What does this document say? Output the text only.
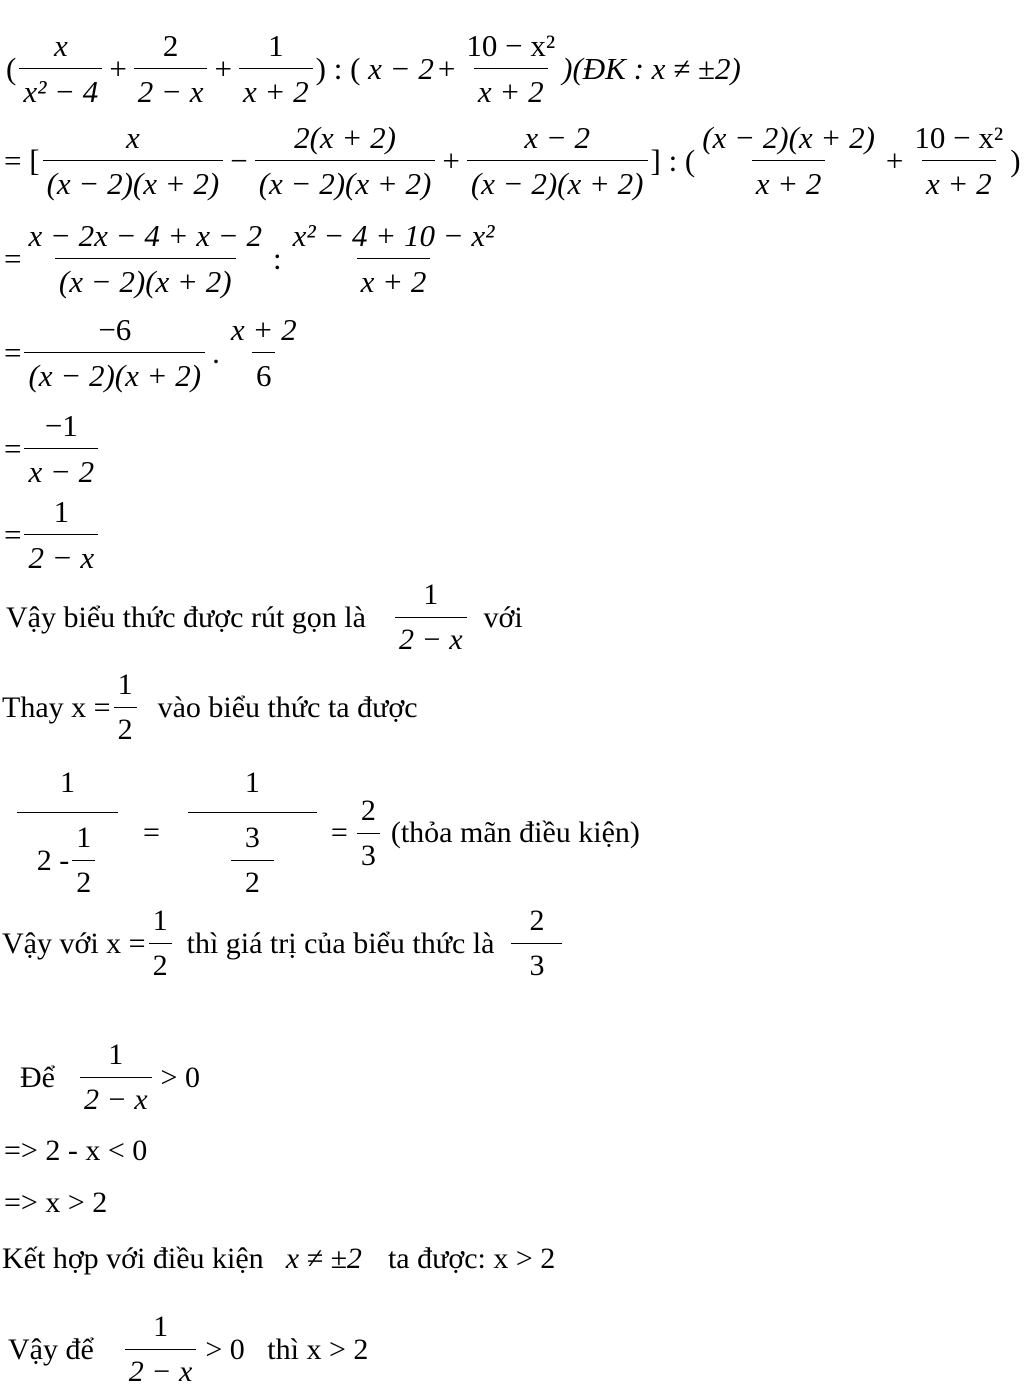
( $\frac{x}{\text{x² − 4}} + \frac{2}{2 - x} + \frac{1}{x + 2}$ ) : (
$x - 2 + \frac{\text{10 − x²}}{x + 2}$ )(ĐK : x ≠ ±2)
= [ $\frac{x}{(x - 2)(x + 2)} - \frac{2(x + 2)}{(x - 2)(x + 2)} + \frac{x - 2}{(x - 2)(x + 2)}$ ] : ( $\frac{(x - 2)(x + 2)}{x + 2} + \frac{\text{10 − x²}}{x + 2}$ )
= $\frac{x - 2x - 4 + x - 2}{(x - 2)(x + 2)}$ : $\frac{\text{x² − 4 + 10 − x²}}{x + 2}$
= $\frac{-6}{(x - 2)(x + 2)}$ . $\frac{x + 2}{6}$
= $\frac{-1}{x - 2}$
= $\frac{1}{2 - x}$
Vậy biểu thức được rút gọn là $\frac{1}{2 - x}$ với
Thay $x = \frac{1}{2}$ vào biểu thức ta được
$\frac{1}{2 - \frac{1}{2}} = \frac{1}{\frac{3}{2}} = \frac{2}{3}$ (thỏa mãn điều kiện)
Vậy với $x = \frac{1}{2}$ thì giá trị của biểu thức là $\frac{2}{3}$
Để $\frac{1}{2 - x} > 0$
=> 2 - x < 0
=> x > 2
Kết hợp với điều kiện x ≠ ±2 ta được: x > 2
Vậy để $\frac{1}{2 - x} > 0$   thì x > 2
